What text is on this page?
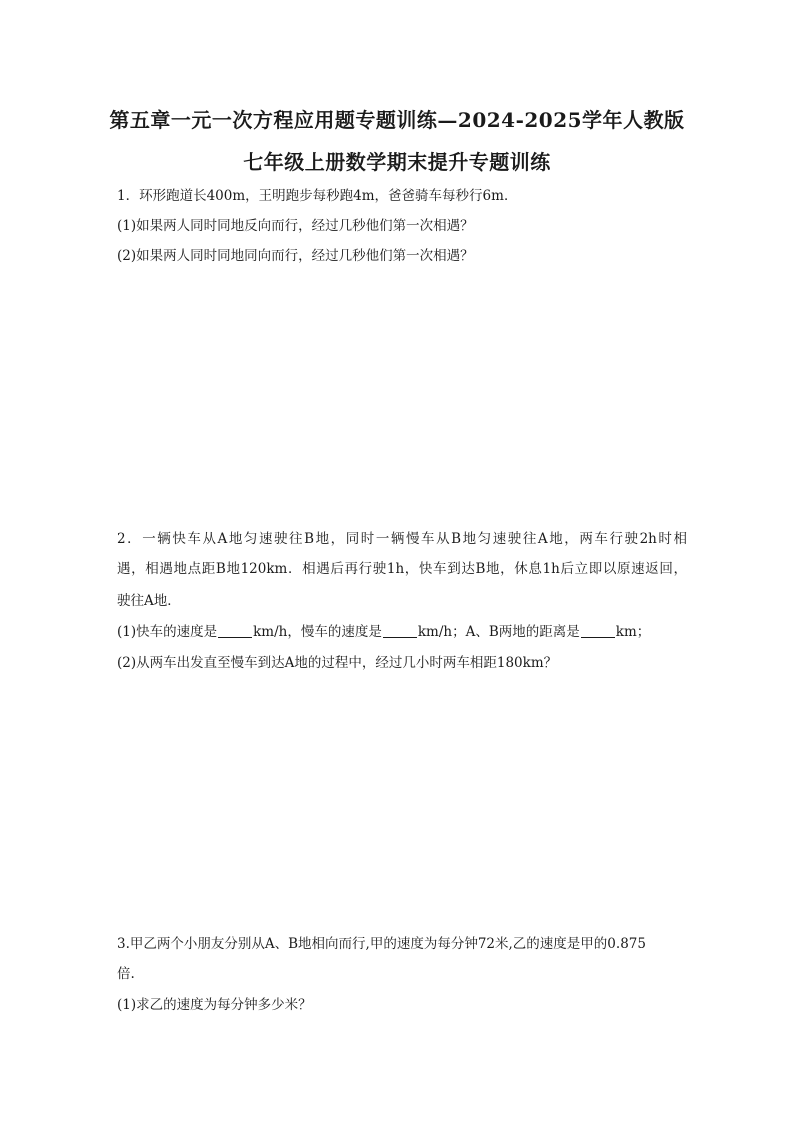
第五章一元一次方程应用题专题训练—2024-2025学年人教版
七年级上册数学期末提升专题训练
1．环形跑道长400m，王明跑步每秒跑4m，爸爸骑车每秒行6m．
(1)如果两人同时同地反向而行，经过几秒他们第一次相遇？
(2)如果两人同时同地同向而行，经过几秒他们第一次相遇？
2．一辆快车从A地匀速驶往B地，同时一辆慢车从B地匀速驶往A地，两车行驶2h时相
遇，相遇地点距B地120km．相遇后再行驶1h，快车到达B地，休息1h后立即以原速返回，
驶往A地．
(1)快车的速度是	km/h，慢车的速度是	km/h；A、B两地的距离是	km；
(2)从两车出发直至慢车到达A地的过程中，经过几小时两车相距180km？
3.甲乙两个小朋友分别从A、B地相向而行,甲的速度为每分钟72米,乙的速度是甲的0.875
倍.
(1)求乙的速度为每分钟多少米？
